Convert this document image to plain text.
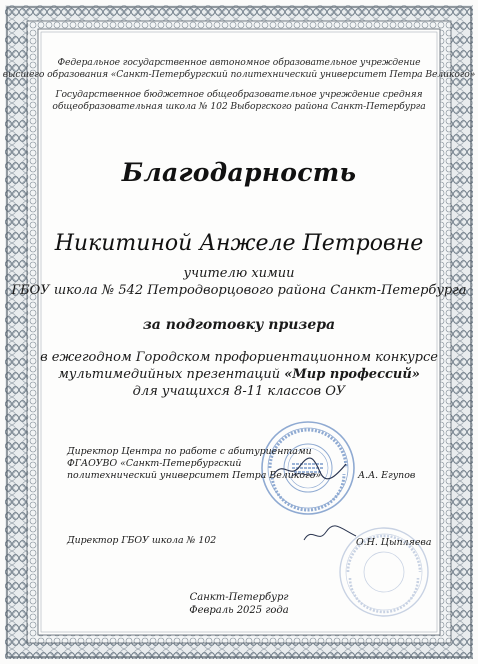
Федеральное государственное автономное образовательное учреждение
высшего образования «Санкт-Петербургский политехнический университет Петра Великого»
Государственное бюджетное общеобразовательное учреждение средняя
общеобразовательная школа № 102 Выборгского района Санкт-Петербурга
Благодарность
Никитиной Анжеле Петровне
учителю химии
ГБОУ школа № 542 Петродворцового района Санкт-Петербурга
за подготовку призера
в ежегодном Городском профориентационном конкурсе
мультимедийных презентаций «Мир профессий»
для учащихся 8-11 классов ОУ
Директор Центра по работе с абитуриентами
ФГАОУВО «Санкт-Петербургский
политехнический университет Петра Великого»	А.А. Егупов
Директор ГБОУ школа № 102	О.Н. Цыпляева
Санкт-Петербург
Февраль 2025 года
